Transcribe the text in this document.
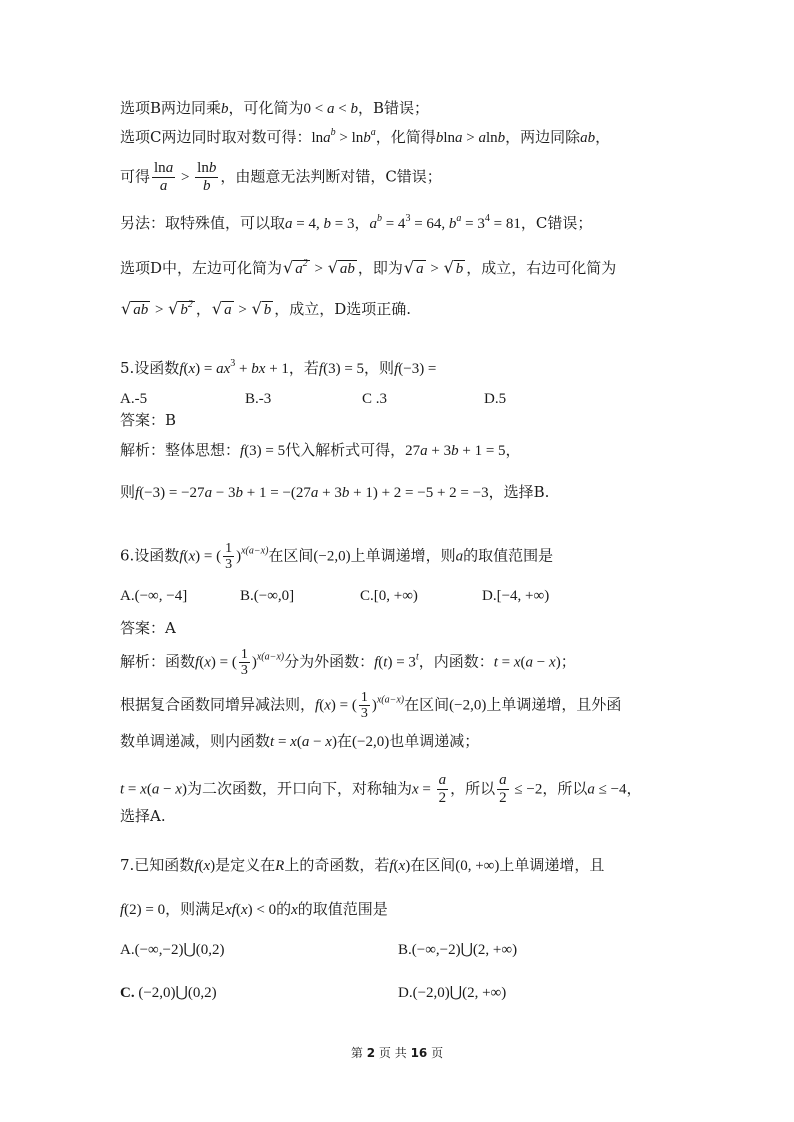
选项B两边同乘b，可化简为0 < a < b，B错误；
选项C两边同时取对数可得：lna$^b$ > lnb$^a$，化简得blna > alnb，两边同除ab，
可得 $\frac{\ln a}{a} > \frac{\ln b}{b}$ ，由题意无法判断对错，C错误；
另法：取特殊值，可以取a = 4, b = 3，$a^b = 4^3 = 64$, $b^a = 3^4 = 81$，C错误；
选项D中，左边可化简为√ $a^2$ > √ ab ，即为√ a > √ b ，成立，右边可化简为
√ ab > √ $b^2$ ，√ a > √ b ，成立，D选项正确.
5.设函数$f(x) = ax^3$ + bx + 1，若f(3) = 5，则f(−3) =
A.-5	B.-3	C .3	D.5
答案：B
解析：整体思想：f(3) = 5代入解析式可得，27a + 3b + 1 = 5，
则f(−3) = −27a − 3b + 1 = −(27a + 3b + 1) + 2 = −5 + 2 = −3，选择B.
6.设函数f(x) = ( $\frac{1}{3} )^{x(a-x)}$在区间(−2,0)上单调递增，则a的取值范围是
A.(−∞, −4]	B.(−∞,0]	C.[0, +∞)	D.[−4, +∞)
答案：A
解析：函数f(x) = ( $\frac{1}{3} )^{x(a-x)}$分为外函数：$f(t) = 3^t$，内函数：t = x(a − x)；
根据复合函数同增异减法则，f(x) = ( $\frac{1}{3} )^{x(a-x)}$在区间(−2,0)上单调递增，且外函
数单调递减，则内函数t = x(a − x)在(−2,0)也单调递减；
t = x(a − x)为二次函数，开口向下，对称轴为$x = \frac{a}{2}$ ，所以 $\frac{a}{2} \le -2$，所以a ≤ −4，
选择A.
7.已知函数f(x)是定义在R上的奇函数，若f(x)在区间(0, +∞)上单调递增，且
f(2) = 0，则满足xf(x) < 0的x的取值范围是
A.(−∞,−2)⋃(0,2)	B.(−∞,−2)⋃(2, +∞)
C. (−2,0)⋃(0,2)	D.(−2,0)⋃(2, +∞)
第 2 页 共 16 页
